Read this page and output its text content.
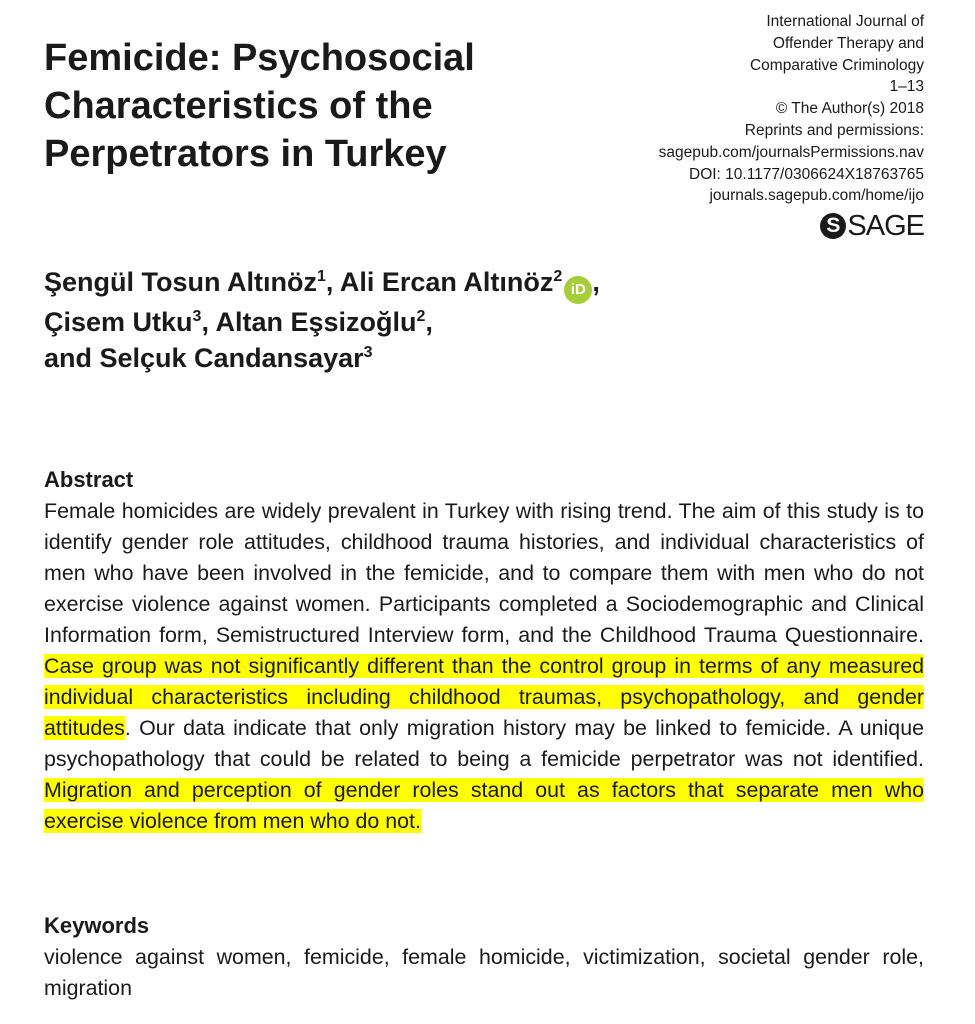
Femicide: Psychosocial
Characteristics of the
Perpetrators in Turkey
International Journal of
Offender Therapy and
Comparative Criminology
1–13
© The Author(s) 2018
Reprints and permissions:
sagepub.com/journalsPermissions.nav
DOI: 10.1177/0306624X18763765
journals.sagepub.com/home/ijo
S SAGE
Şengül Tosun Altınöz$^1$, Ali Ercan Altınöz$^2$iD ,
Çisem Utku$^3$, Altan Eşsizoğlu$^2$,
and Selçuk Candansayar$^3$
Abstract

Female homicides are widely prevalent in Turkey with rising trend. The aim of this study is to identify gender role attitudes, childhood trauma histories, and individual characteristics of men who have been involved in the femicide, and to compare them with men who do not exercise violence against women. Participants completed a Sociodemographic and Clinical Information form, Semistructured Interview form, and the Childhood Trauma Questionnaire. Case group was not significantly different than the control group in terms of any measured individual characteristics including childhood traumas, psychopathology, and gender attitudes. Our data indicate that only migration history may be linked to femicide. A unique psychopathology that could be related to being a femicide perpetrator was not identified. Migration and perception of gender roles stand out as factors that separate men who exercise violence from men who do not.

Keywords

violence against women, femicide, female homicide, victimization, societal gender role, migration
